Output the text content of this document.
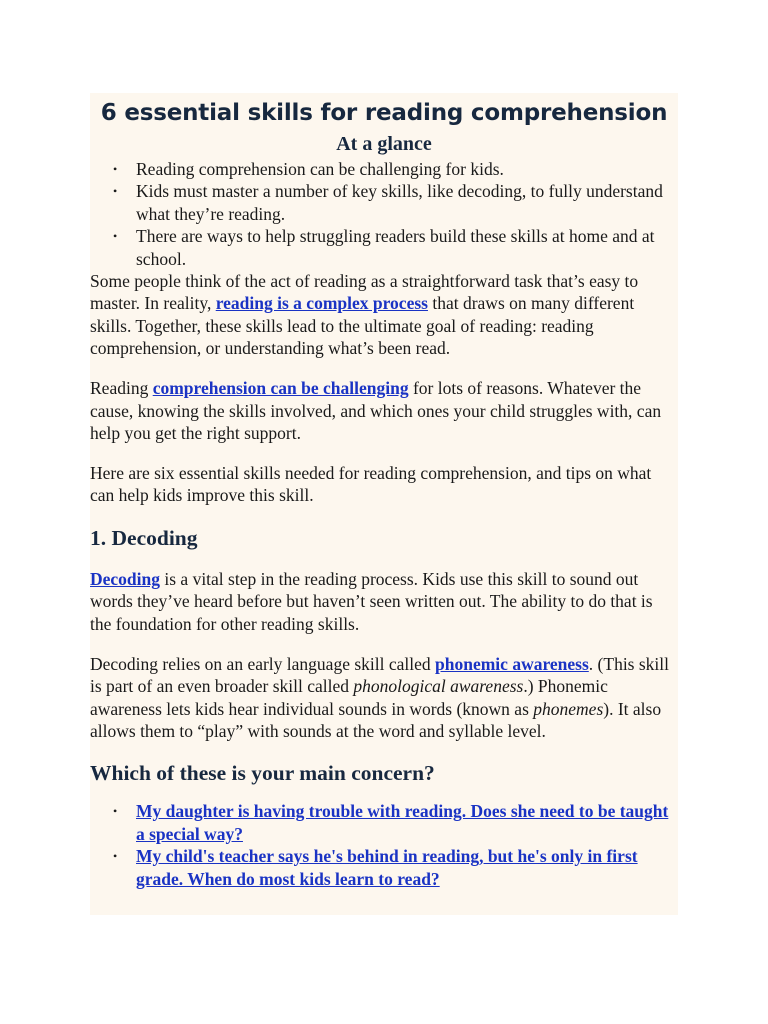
6 essential skills for reading comprehension
At a glance
• Reading comprehension can be challenging for kids.
• Kids must master a number of key skills, like decoding, to fully understand what they’re reading.
• There are ways to help struggling readers build these skills at home and at school.

Some people think of the act of reading as a straightforward task that’s easy to master. In reality, reading is a complex process that draws on many different skills. Together, these skills lead to the ultimate goal of reading: reading comprehension, or understanding what’s been read.

Reading comprehension can be challenging for lots of reasons. Whatever the cause, knowing the skills involved, and which ones your child struggles with, can help you get the right support.

Here are six essential skills needed for reading comprehension, and tips on what can help kids improve this skill.

1. Decoding

Decoding is a vital step in the reading process. Kids use this skill to sound out words they’ve heard before but haven’t seen written out. The ability to do that is the foundation for other reading skills.

Decoding relies on an early language skill called phonemic awareness. (This skill is part of an even broader skill called phonological awareness.) Phonemic awareness lets kids hear individual sounds in words (known as phonemes). It also allows them to “play” with sounds at the word and syllable level.

Which of these is your main concern?
• My daughter is having trouble with reading. Does she need to be taught a special way?
• My child's teacher says he's behind in reading, but he's only in first grade. When do most kids learn to read?
